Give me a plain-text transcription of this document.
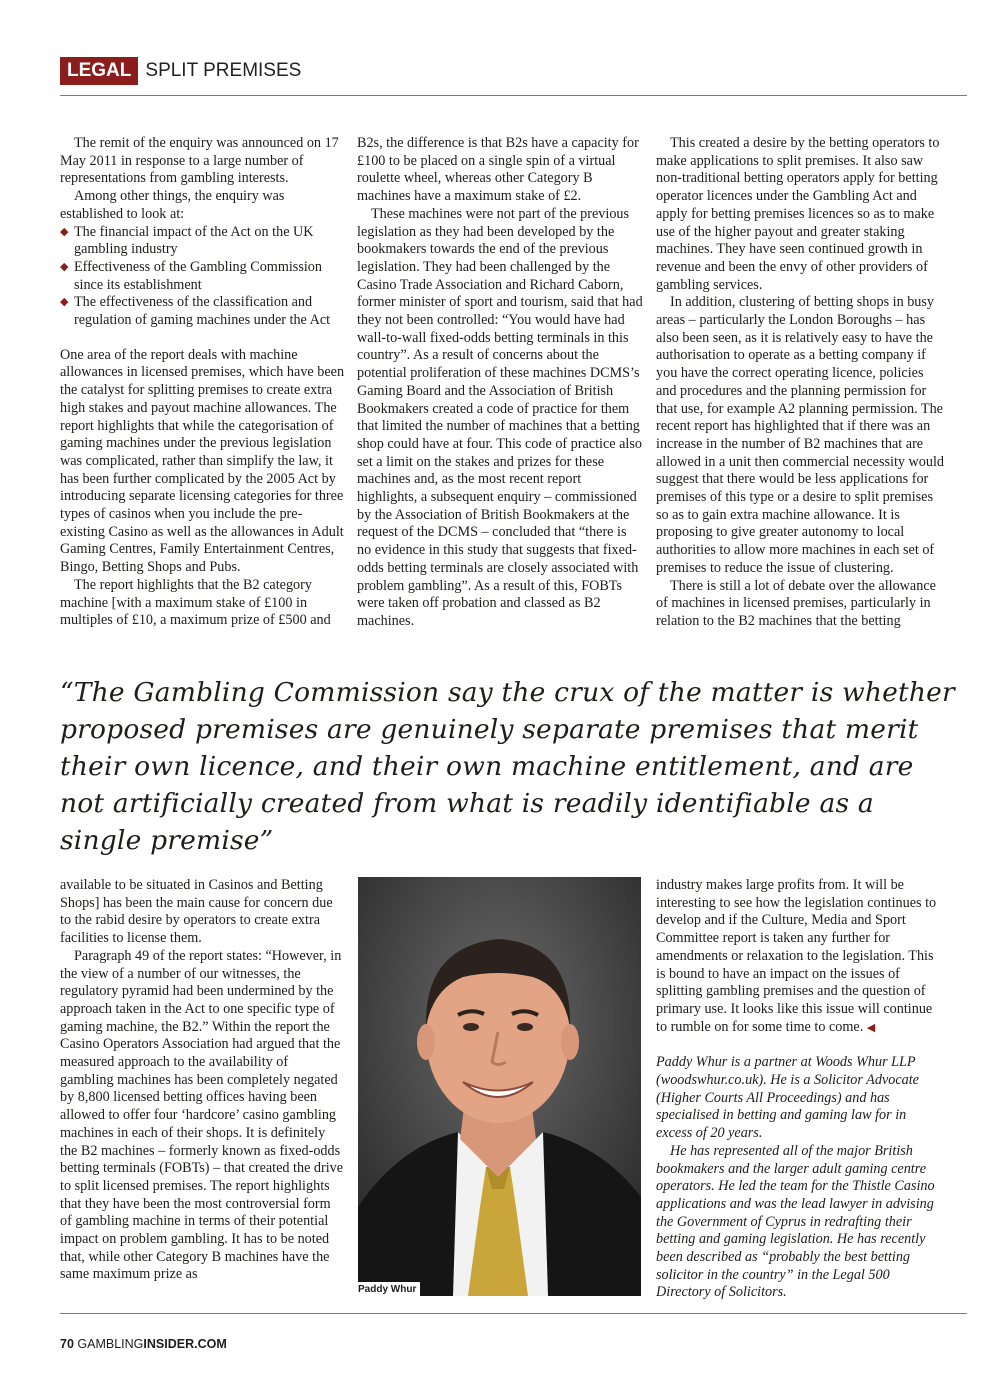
LEGAL SPLIT PREMISES

The remit of the enquiry was announced on 17 May 2011 in response to a large number of representations from gambling interests.

Among other things, the enquiry was established to look at:

◆ The financial impact of the Act on the UK gambling industry
◆ Effectiveness of the Gambling Commission since its establishment
◆ The effectiveness of the classification and regulation of gaming machines under the Act

One area of the report deals with machine allowances in licensed premises, which have been the catalyst for splitting premises to create extra high stakes and payout machine allowances. The report highlights that while the categorisation of gaming machines under the previous legislation was complicated, rather than simplify the law, it has been further complicated by the 2005 Act by introducing separate licensing categories for three types of casinos when you include the pre-existing Casino as well as the allowances in Adult Gaming Centres, Family Entertainment Centres, Bingo, Betting Shops and Pubs.

The report highlights that the B2 category machine [with a maximum stake of £100 in multiples of £10, a maximum prize of £500 and

B2s, the difference is that B2s have a capacity for £100 to be placed on a single spin of a virtual roulette wheel, whereas other Category B machines have a maximum stake of £2.

These machines were not part of the previous legislation as they had been developed by the bookmakers towards the end of the previous legislation. They had been challenged by the Casino Trade Association and Richard Caborn, former minister of sport and tourism, said that had they not been controlled: “You would have had wall-to-wall fixed-odds betting terminals in this country”. As a result of concerns about the potential proliferation of these machines DCMS’s Gaming Board and the Association of British Bookmakers created a code of practice for them that limited the number of machines that a betting shop could have at four. This code of practice also set a limit on the stakes and prizes for these machines and, as the most recent report highlights, a subsequent enquiry – commissioned by the Association of British Bookmakers at the request of the DCMS – concluded that “there is no evidence in this study that suggests that fixed-odds betting terminals are closely associated with problem gambling”. As a result of this, FOBTs were taken off probation and classed as B2 machines.

This created a desire by the betting operators to make applications to split premises. It also saw non-traditional betting operators apply for betting operator licences under the Gambling Act and apply for betting premises licences so as to make use of the higher payout and greater staking machines. They have seen continued growth in revenue and been the envy of other providers of gambling services.

In addition, clustering of betting shops in busy areas – particularly the London Boroughs – has also been seen, as it is relatively easy to have the authorisation to operate as a betting company if you have the correct operating licence, policies and procedures and the planning permission for that use, for example A2 planning permission. The recent report has highlighted that if there was an increase in the number of B2 machines that are allowed in a unit then commercial necessity would suggest that there would be less applications for premises of this type or a desire to split premises so as to gain extra machine allowance. It is proposing to give greater autonomy to local authorities to allow more machines in each set of premises to reduce the issue of clustering.

There is still a lot of debate over the allowance of machines in licensed premises, particularly in relation to the B2 machines that the betting

“The Gambling Commission say the crux of the matter is whether proposed premises are genuinely separate premises that merit their own licence, and their own machine entitlement, and are not artificially created from what is readily identifiable as a single premise”

available to be situated in Casinos and Betting Shops] has been the main cause for concern due to the rabid desire by operators to create extra facilities to license them.

Paragraph 49 of the report states: “However, in the view of a number of our witnesses, the regulatory pyramid had been undermined by the approach taken in the Act to one specific type of gaming machine, the B2.” Within the report the Casino Operators Association had argued that the measured approach to the availability of gambling machines has been completely negated by 8,800 licensed betting offices having been allowed to offer four ‘hardcore’ casino gambling machines in each of their shops. It is definitely the B2 machines – formerly known as fixed-odds betting terminals (FOBTs) – that created the drive to split licensed premises. The report highlights that they have been the most controversial form of gambling machine in terms of their potential impact on problem gambling. It has to be noted that, while other Category B machines have the same maximum prize as

Paddy Whur

industry makes large profits from. It will be interesting to see how the legislation continues to develop and if the Culture, Media and Sport Committee report is taken any further for amendments or relaxation to the legislation. This is bound to have an impact on the issues of splitting gambling premises and the question of primary use. It looks like this issue will continue to rumble on for some time to come. ◀

Paddy Whur is a partner at Woods Whur LLP (woodswhur.co.uk). He is a Solicitor Advocate (Higher Courts All Proceedings) and has specialised in betting and gaming law for in excess of 20 years.

He has represented all of the major British bookmakers and the larger adult gaming centre operators. He led the team for the Thistle Casino applications and was the lead lawyer in advising the Government of Cyprus in redrafting their betting and gaming legislation. He has recently been described as “probably the best betting solicitor in the country” in the Legal 500 Directory of Solicitors.

70 GAMBLINGINSIDER.COM
